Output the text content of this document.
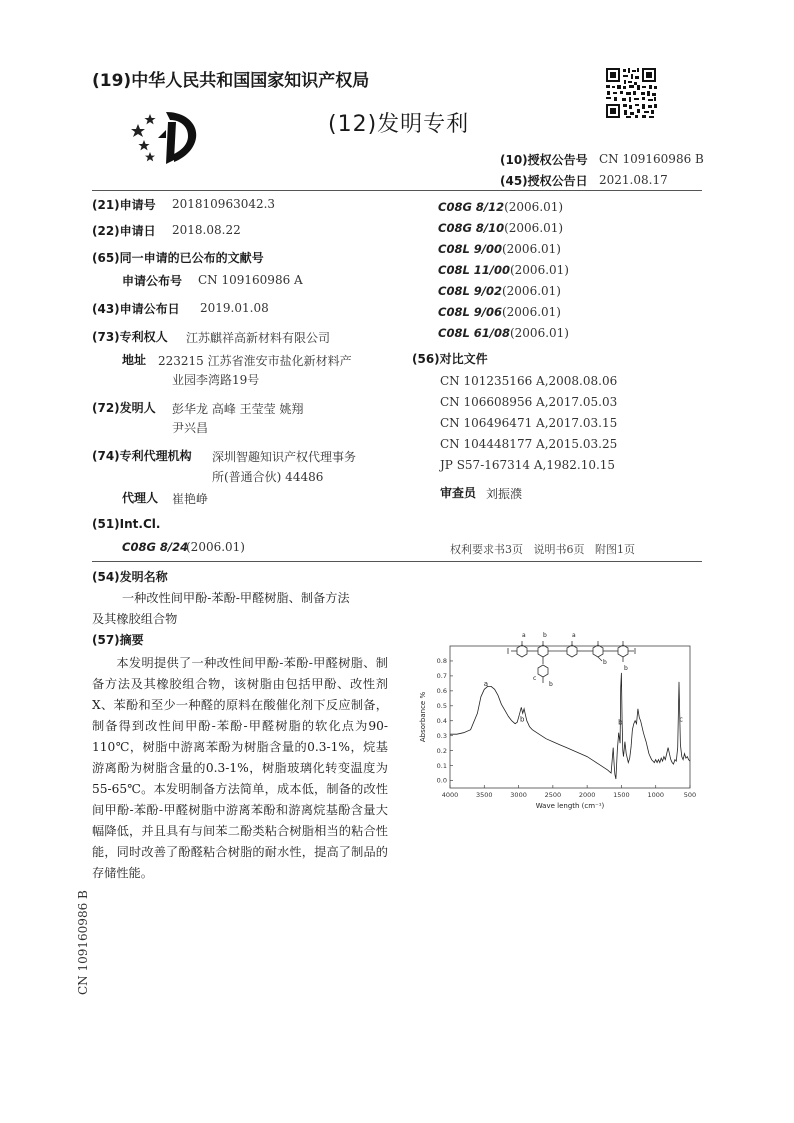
(19)中华人民共和国国家知识产权局
(12)发明专利
(10)授权公告号 CN 109160986 B
(45)授权公告日 2021.08.17
(21)申请号 201810963042.3
(22)申请日 2018.08.22
(65)同一申请的已公布的文献号
申请公布号 CN 109160986 A
(43)申请公布日 2019.01.08
(73)专利权人 江苏麒祥高新材料有限公司
地址 223215 江苏省淮安市盐化新材料产
业园李湾路19号
(72)发明人 彭华龙 高峰 王莹莹 姚翔
尹兴昌
(74)专利代理机构 深圳智趣知识产权代理事务
所(普通合伙) 44486
代理人 崔艳峥
(51)Int.Cl.
C08G 8/24
(2006.01)
C08G 8/12(2006.01)
C08G 8/10(2006.01)
C08L 9/00(2006.01)
C08L 11/00(2006.01)
C08L 9/02(2006.01)
C08L 9/06(2006.01)
C08L 61/08(2006.01)
(56)对比文件
CN 101235166 A,2008.08.06
CN 106608956 A,2017.05.03
CN 106496471 A,2017.03.15
CN 104448177 A,2015.03.25
JP S57-167314 A,1982.10.15
审查员 刘振濮
权利要求书3页   说明书6页   附图1页
(54)发明名称
一种改性间甲酚-苯酚-甲醛树脂、制备方法
及其橡胶组合物
(57)摘要

本发明提供了一种改性间甲酚-苯酚-甲醛树脂、制备方法及其橡胶组合物，该树脂由包括甲酚、改性剂X、苯酚和至少一种醛的原料在酸催化剂下反应制备，制备得到改性间甲酚-苯酚-甲醛树脂的软化点为90-110℃，树脂中游离苯酚为树脂含量的0.3-1%，烷基游离酚为树脂含量的0.3-1%，树脂玻璃化转变温度为55-65℃。本发明制备方法简单，成本低，制备的改性间甲酚-苯酚-甲醛树脂中游离苯酚和游离烷基酚含量大幅降低，并且具有与间苯二酚类粘合树脂相当的粘合性能，同时改善了酚醛粘合树脂的耐水性，提高了制品的存储性能。

a	b
c
b
a
b
b
4000	3500	3000	2500	2000	1500	1000	500
0.0
0.1
0.2
0.3
0.4
0.5
0.6
0.7
0.8
Wave length (cm⁻¹)
Absorbance %
a
b	b	c
CN 109160986 B
